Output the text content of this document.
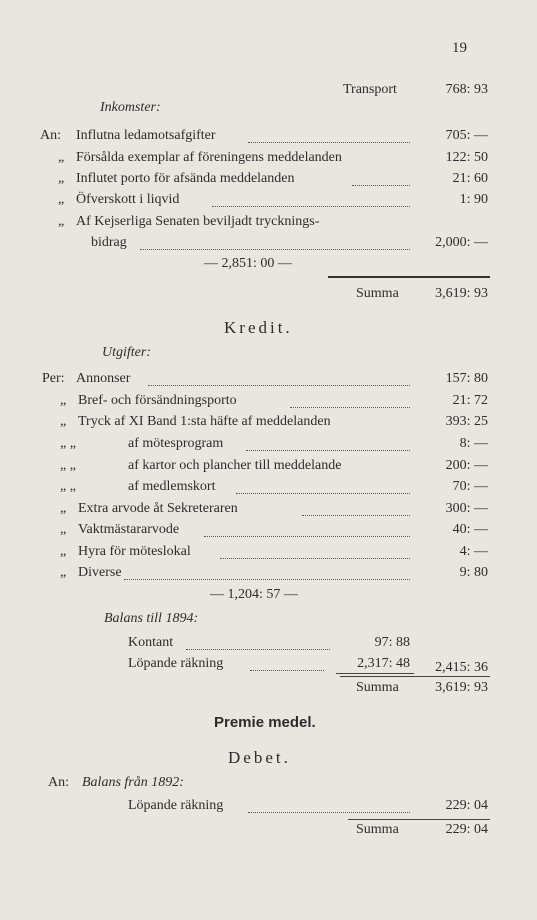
19
Transport	768: 93
Inkomster:
An: Influtna ledamotsafgifter	705: —
„ Försålda exemplar af föreningens meddelanden	122: 50
„ Influtet porto för afsända meddelanden	21: 60
„ Öfverskott i liqvid	1: 90
„ Af Kejserliga Senaten beviljadt trycknings-
bidrag	2,000: —
— 2,851: 00 —
Summa	3,619: 93
Kredit.
Utgifter:
Per: Annonser	157: 80
„ Bref- och försändningsporto	21: 72
„ Tryck af XI Band 1:sta häfte af meddelanden	393: 25
„ „	af mötesprogram	8: —
„ „	af kartor och plancher till meddelande	200: —
„ „	af medlemskort	70: —
„ Extra arvode åt Sekreteraren	300: —
„ Vaktmästararvode	40: —
„ Hyra för möteslokal	4: —
„ Diverse	9: 80
— 1,204: 57 —
Balans till 1894:
Kontant	97: 88
Löpande räkning	2,317: 48	2,415: 36
Summa	3,619: 93
Premie medel.
Debet.
An: Balans från 1892:
Löpande räkning	229: 04
Summa	229: 04
